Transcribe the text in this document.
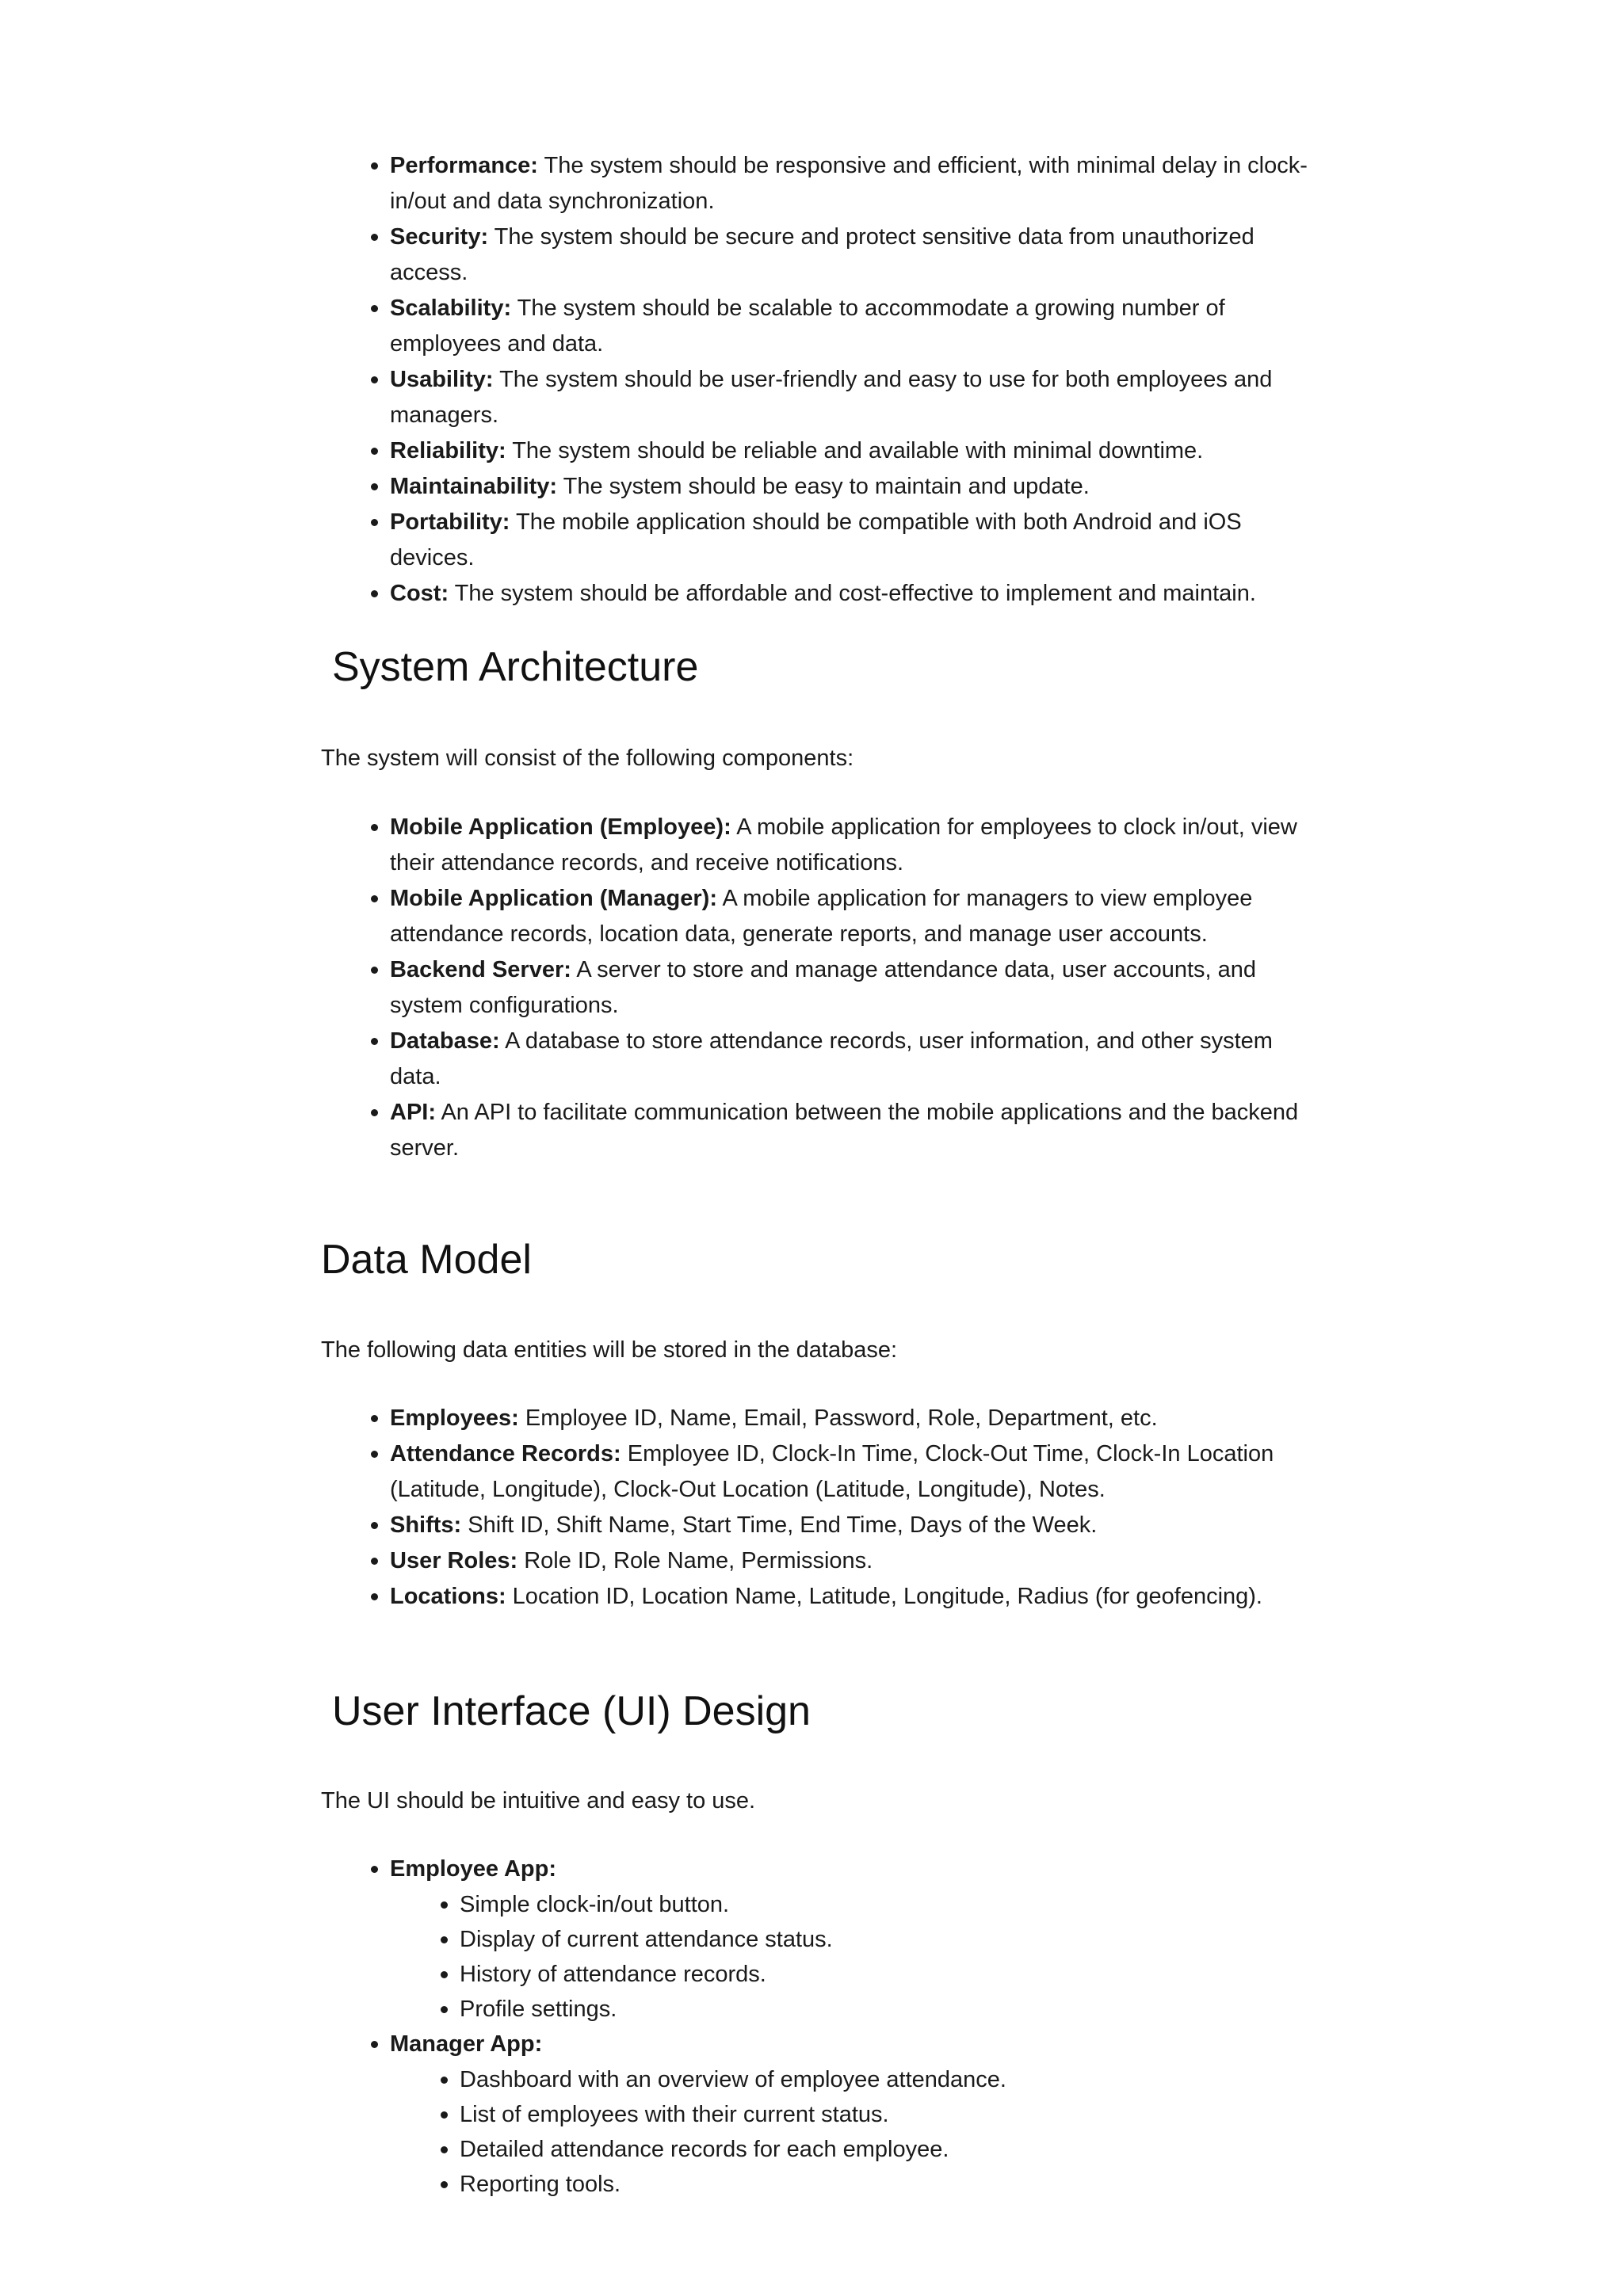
Performance: The system should be responsive and efficient, with minimal delay in clock-in/out and data synchronization.
Security: The system should be secure and protect sensitive data from unauthorized access.
Scalability: The system should be scalable to accommodate a growing number of employees and data.
Usability: The system should be user-friendly and easy to use for both employees and managers.
Reliability: The system should be reliable and available with minimal downtime.
Maintainability: The system should be easy to maintain and update.
Portability: The mobile application should be compatible with both Android and iOS devices.
Cost: The system should be affordable and cost-effective to implement and maintain.
System Architecture

The system will consist of the following components:

Mobile Application (Employee): A mobile application for employees to clock in/out, view their attendance records, and receive notifications.
Mobile Application (Manager): A mobile application for managers to view employee attendance records, location data, generate reports, and manage user accounts.
Backend Server: A server to store and manage attendance data, user accounts, and system configurations.
Database: A database to store attendance records, user information, and other system data.
API: An API to facilitate communication between the mobile applications and the backend server.
Data Model

The following data entities will be stored in the database:

Employees: Employee ID, Name, Email, Password, Role, Department, etc.
Attendance Records: Employee ID, Clock-In Time, Clock-Out Time, Clock-In Location (Latitude, Longitude), Clock-Out Location (Latitude, Longitude), Notes.
Shifts: Shift ID, Shift Name, Start Time, End Time, Days of the Week.
User Roles: Role ID, Role Name, Permissions.
Locations: Location ID, Location Name, Latitude, Longitude, Radius (for geofencing).
User Interface (UI) Design

The UI should be intuitive and easy to use.

Employee App:
Simple clock-in/out button.
Display of current attendance status.
History of attendance records.
Profile settings.
Manager App:
Dashboard with an overview of employee attendance.
List of employees with their current status.
Detailed attendance records for each employee.
Reporting tools.
